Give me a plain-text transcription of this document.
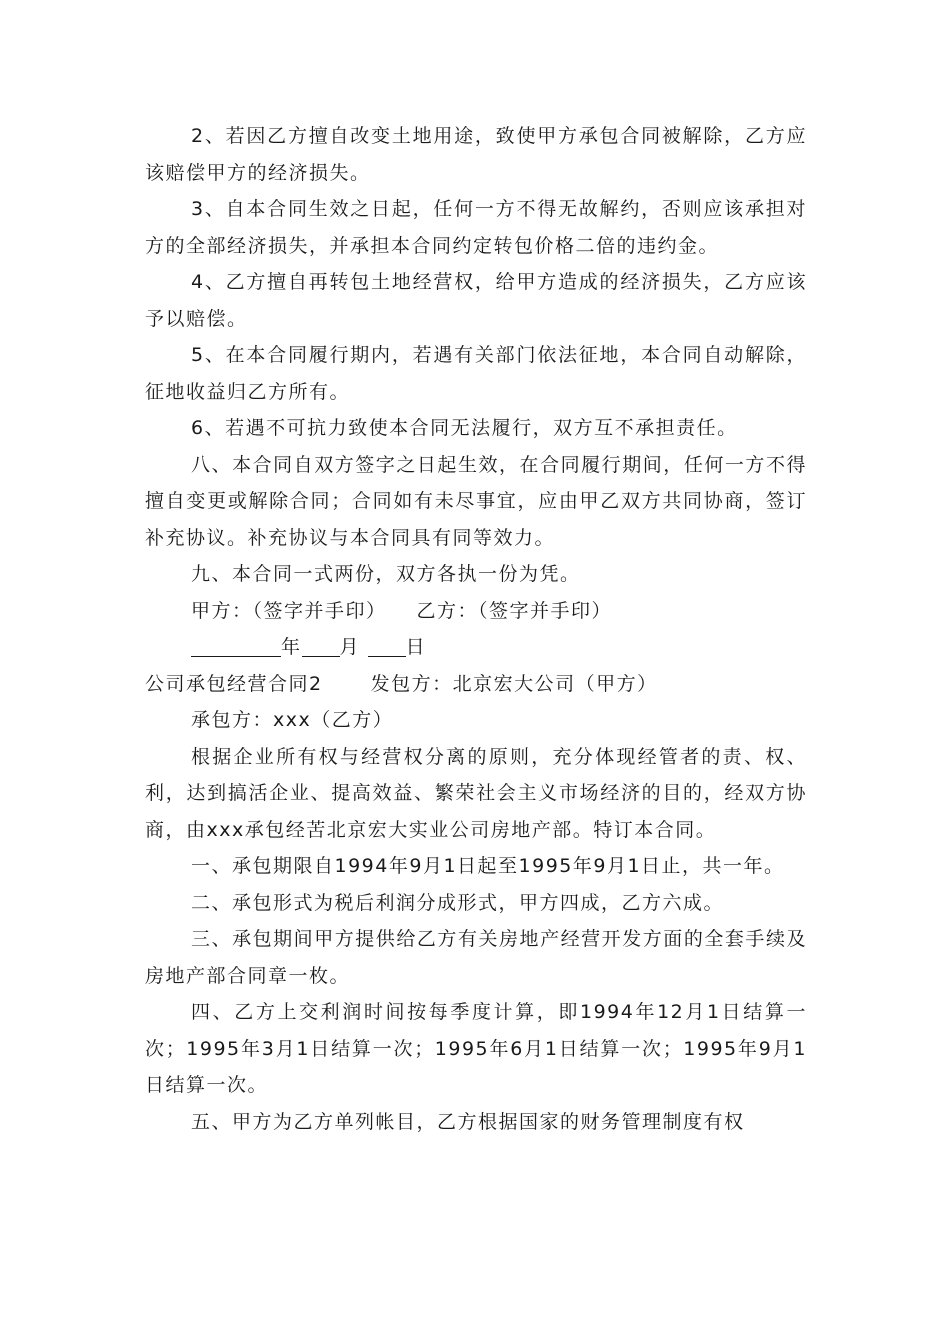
2、若因乙方擅自改变土地用途，致使甲方承包合同被解除，乙方应该赔偿甲方的经济损失。

3、自本合同生效之日起，任何一方不得无故解约，否则应该承担对方的全部经济损失，并承担本合同约定转包价格二倍的违约金。

4、乙方擅自再转包土地经营权，给甲方造成的经济损失，乙方应该予以赔偿。

5、在本合同履行期内，若遇有关部门依法征地，本合同自动解除，征地收益归乙方所有。

6、若遇不可抗力致使本合同无法履行，双方互不承担责任。

八、本合同自双方签字之日起生效，在合同履行期间，任何一方不得擅自变更或解除合同；合同如有未尽事宜，应由甲乙双方共同协商，签订补充协议。补充协议与本合同具有同等效力。

九、本合同一式两份，双方各执一份为凭。

甲方：（签字并手印） 乙方：（签字并手印）

年 月 日

公司承包经营合同2	发包方：北京宏大公司（甲方）

承包方：xxx（乙方）

根据企业所有权与经营权分离的原则，充分体现经管者的责、权、利，达到搞活企业、提高效益、繁荣社会主义市场经济的目的，经双方协商，由xxx承包经苦北京宏大实业公司房地产部。特订本合同。

一、承包期限自1994年9月1日起至1995年9月1日止，共一年。

二、承包形式为税后利润分成形式，甲方四成，乙方六成。

三、承包期间甲方提供给乙方有关房地产经营开发方面的全套手续及房地产部合同章一枚。

四、乙方上交利润时间按每季度计算，即1994年12月1日结算一次；1995年3月1日结算一次；1995年6月1日结算一次；1995年9月1日结算一次。

五、甲方为乙方单列帐目，乙方根据国家的财务管理制度有权
